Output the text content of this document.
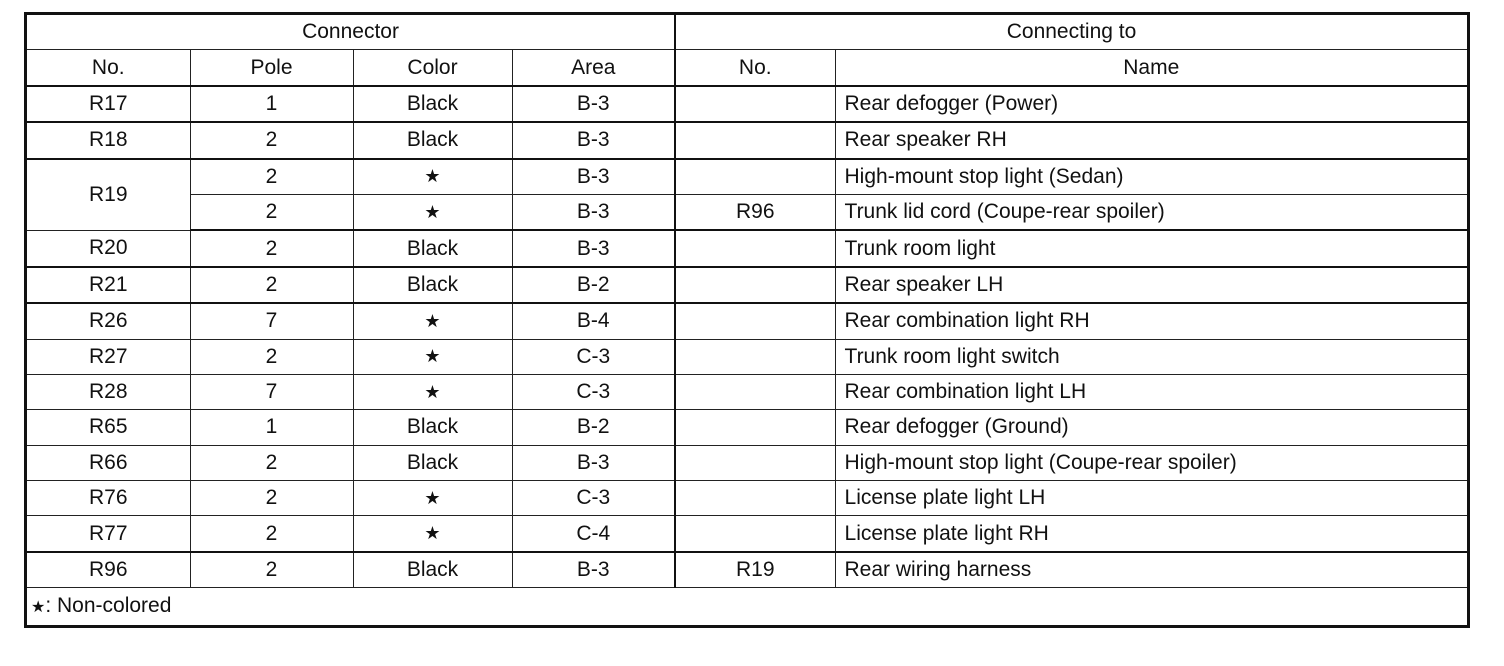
Connector				Connecting to	
No.	Pole	Color	Area	No.	Name
R17	1	Black	B-3		Rear defogger (Power)
R18	2	Black	B-3		Rear speaker RH
R19	2	★	B-3		High-mount stop light (Sedan)
	2	★	B-3	R96	Trunk lid cord (Coupe-rear spoiler)
R20	2	Black	B-3		Trunk room light
R21	2	Black	B-2		Rear speaker LH
R26	7	★	B-4		Rear combination light RH
R27	2	★	C-3		Trunk room light switch
R28	7	★	C-3		Rear combination light LH
R65	1	Black	B-2		Rear defogger (Ground)
R66	2	Black	B-3		High-mount stop light (Coupe-rear spoiler)
R76	2	★	C-3		License plate light LH
R77	2	★	C-4		License plate light RH
R96	2	Black	B-3	R19	Rear wiring harness
★: Non-colored
